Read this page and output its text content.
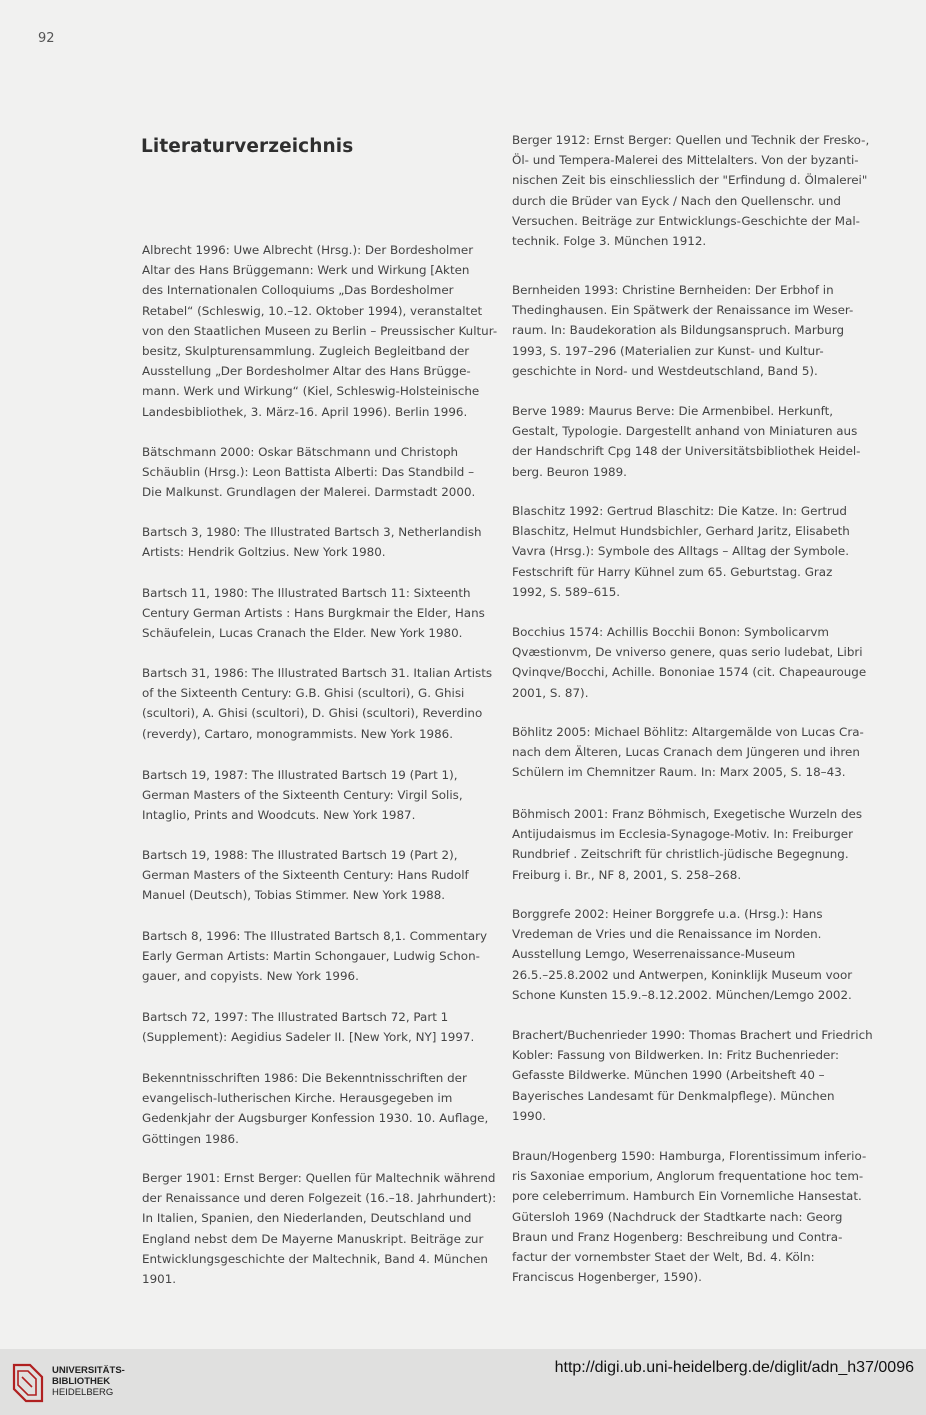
92
Literaturverzeichnis
Albrecht 1996: Uwe Albrecht (Hrsg.): Der Bordesholmer
Altar des Hans Brüggemann: Werk und Wirkung [Akten
des Internationalen Colloquiums „Das Bordesholmer
Retabel“ (Schleswig, 10.–12. Oktober 1994), veranstaltet
von den Staatlichen Museen zu Berlin – Preussischer Kultur-
besitz, Skulpturensammlung. Zugleich Begleitband der
Ausstellung „Der Bordesholmer Altar des Hans Brügge-
mann. Werk und Wirkung“ (Kiel, Schleswig-Holsteinische
Landesbibliothek, 3. März-16. April 1996). Berlin 1996.
Bätschmann 2000: Oskar Bätschmann und Christoph
Schäublin (Hrsg.): Leon Battista Alberti: Das Standbild –
Die Malkunst. Grundlagen der Malerei. Darmstadt 2000.
Bartsch 3, 1980: The Illustrated Bartsch 3, Netherlandish
Artists: Hendrik Goltzius. New York 1980.
Bartsch 11, 1980: The Illustrated Bartsch 11: Sixteenth
Century German Artists : Hans Burgkmair the Elder, Hans
Schäufelein, Lucas Cranach the Elder. New York 1980.
Bartsch 31, 1986: The Illustrated Bartsch 31. Italian Artists
of the Sixteenth Century: G.B. Ghisi (scultori), G. Ghisi
(scultori), A. Ghisi (scultori), D. Ghisi (scultori), Reverdino
(reverdy), Cartaro, monogrammists. New York 1986.
Bartsch 19, 1987: The Illustrated Bartsch 19 (Part 1),
German Masters of the Sixteenth Century: Virgil Solis,
Intaglio, Prints and Woodcuts. New York 1987.
Bartsch 19, 1988: The Illustrated Bartsch 19 (Part 2),
German Masters of the Sixteenth Century: Hans Rudolf
Manuel (Deutsch), Tobias Stimmer. New York 1988.
Bartsch 8, 1996: The Illustrated Bartsch 8,1. Commentary
Early German Artists: Martin Schongauer, Ludwig Schon-
gauer, and copyists. New York 1996.
Bartsch 72, 1997: The Illustrated Bartsch 72, Part 1
(Supplement): Aegidius Sadeler II. [New York, NY] 1997.
Bekenntnisschriften 1986: Die Bekenntnisschriften der
evangelisch-lutherischen Kirche. Herausgegeben im
Gedenkjahr der Augsburger Konfession 1930. 10. Auflage,
Göttingen 1986.
Berger 1901: Ernst Berger: Quellen für Maltechnik während
der Renaissance und deren Folgezeit (16.–18. Jahrhundert):
In Italien, Spanien, den Niederlanden, Deutschland und
England nebst dem De Mayerne Manuskript. Beiträge zur
Entwicklungsgeschichte der Maltechnik, Band 4. München
1901.
Berger 1912: Ernst Berger: Quellen und Technik der Fresko-,
Öl- und Tempera-Malerei des Mittelalters. Von der byzanti-
nischen Zeit bis einschliesslich der "Erfindung d. Ölmalerei"
durch die Brüder van Eyck / Nach den Quellenschr. und
Versuchen. Beiträge zur Entwicklungs-Geschichte der Mal-
technik. Folge 3. München 1912.
Bernheiden 1993: Christine Bernheiden: Der Erbhof in
Thedinghausen. Ein Spätwerk der Renaissance im Weser-
raum. In: Baudekoration als Bildungsanspruch. Marburg
1993, S. 197–296 (Materialien zur Kunst- und Kultur-
geschichte in Nord- und Westdeutschland, Band 5).
Berve 1989: Maurus Berve: Die Armenbibel. Herkunft,
Gestalt, Typologie. Dargestellt anhand von Miniaturen aus
der Handschrift Cpg 148 der Universitätsbibliothek Heidel-
berg. Beuron 1989.
Blaschitz 1992: Gertrud Blaschitz: Die Katze. In: Gertrud
Blaschitz, Helmut Hundsbichler, Gerhard Jaritz, Elisabeth
Vavra (Hrsg.): Symbole des Alltags – Alltag der Symbole.
Festschrift für Harry Kühnel zum 65. Geburtstag. Graz
1992, S. 589–615.
Bocchius 1574: Achillis Bocchii Bonon: Symbolicarvm
Qvæstionvm, De vniverso genere, quas serio ludebat, Libri
Qvinqve/Bocchi, Achille. Bononiae 1574 (cit. Chapeaurouge
2001, S. 87).
Böhlitz 2005: Michael Böhlitz: Altargemälde von Lucas Cra-
nach dem Älteren, Lucas Cranach dem Jüngeren und ihren
Schülern im Chemnitzer Raum. In: Marx 2005, S. 18–43.
Böhmisch 2001: Franz Böhmisch, Exegetische Wurzeln des
Antijudaismus im Ecclesia-Synagoge-Motiv. In: Freiburger
Rundbrief . Zeitschrift für christlich-jüdische Begegnung.
Freiburg i. Br., NF 8, 2001, S. 258–268.
Borggrefe 2002: Heiner Borggrefe u.a. (Hrsg.): Hans
Vredeman de Vries und die Renaissance im Norden.
Ausstellung Lemgo, Weserrenaissance-Museum
26.5.–25.8.2002 und Antwerpen, Koninklijk Museum voor
Schone Kunsten 15.9.–8.12.2002. München/Lemgo 2002.
Brachert/Buchenrieder 1990: Thomas Brachert und Friedrich
Kobler: Fassung von Bildwerken. In: Fritz Buchenrieder:
Gefasste Bildwerke. München 1990 (Arbeitsheft 40 –
Bayerisches Landesamt für Denkmalpflege). München
1990.
Braun/Hogenberg 1590: Hamburga, Florentissimum inferio-
ris Saxoniae emporium, Anglorum frequentatione hoc tem-
pore celeberrimum. Hamburch Ein Vornemliche Hansestat.
Gütersloh 1969 (Nachdruck der Stadtkarte nach: Georg
Braun und Franz Hogenberg: Beschreibung und Contra-
factur der vornembster Staet der Welt, Bd. 4. Köln:
Franciscus Hogenberger, 1590).
UNIVERSITÄTS-
BIBLIOTHEK
HEIDELBERG
http://digi.ub.uni-heidelberg.de/diglit/adn_h37/0096
